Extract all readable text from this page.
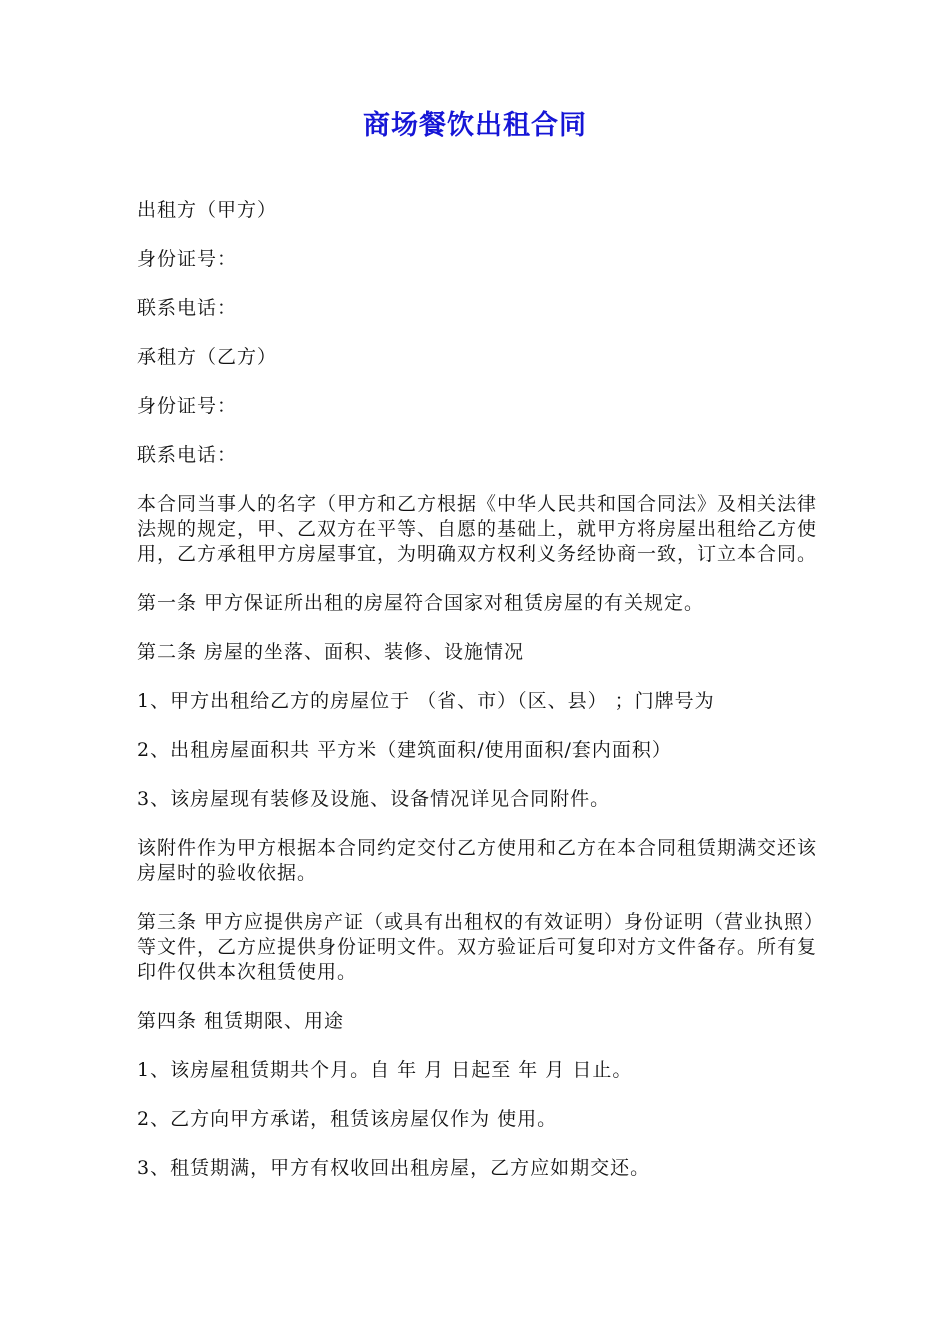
商场餐饮出租合同

出租方（甲方）

身份证号：

联系电话：

承租方（乙方）

身份证号：

联系电话：

本合同当事人的名字（甲方和乙方根据《中华人民共和国合同法》及相关法律法规的规定，甲、乙双方在平等、自愿的基础上，就甲方将房屋出租给乙方使用，乙方承租甲方房屋事宜，为明确双方权利义务经协商一致，订立本合同。

第一条 甲方保证所出租的房屋符合国家对租赁房屋的有关规定。

第二条 房屋的坐落、面积、装修、设施情况

1、甲方出租给乙方的房屋位于 （省、市）（区、县） ；门牌号为

2、出租房屋面积共 平方米（建筑面积/使用面积/套内面积）

3、该房屋现有装修及设施、设备情况详见合同附件。

该附件作为甲方根据本合同约定交付乙方使用和乙方在本合同租赁期满交还该房屋时的验收依据。

第三条 甲方应提供房产证（或具有出租权的有效证明）身份证明（营业执照）等文件，乙方应提供身份证明文件。双方验证后可复印对方文件备存。所有复印件仅供本次租赁使用。

第四条 租赁期限、用途

1、该房屋租赁期共个月。自 年 月 日起至 年 月 日止。

2、乙方向甲方承诺，租赁该房屋仅作为 使用。

3、租赁期满，甲方有权收回出租房屋，乙方应如期交还。
